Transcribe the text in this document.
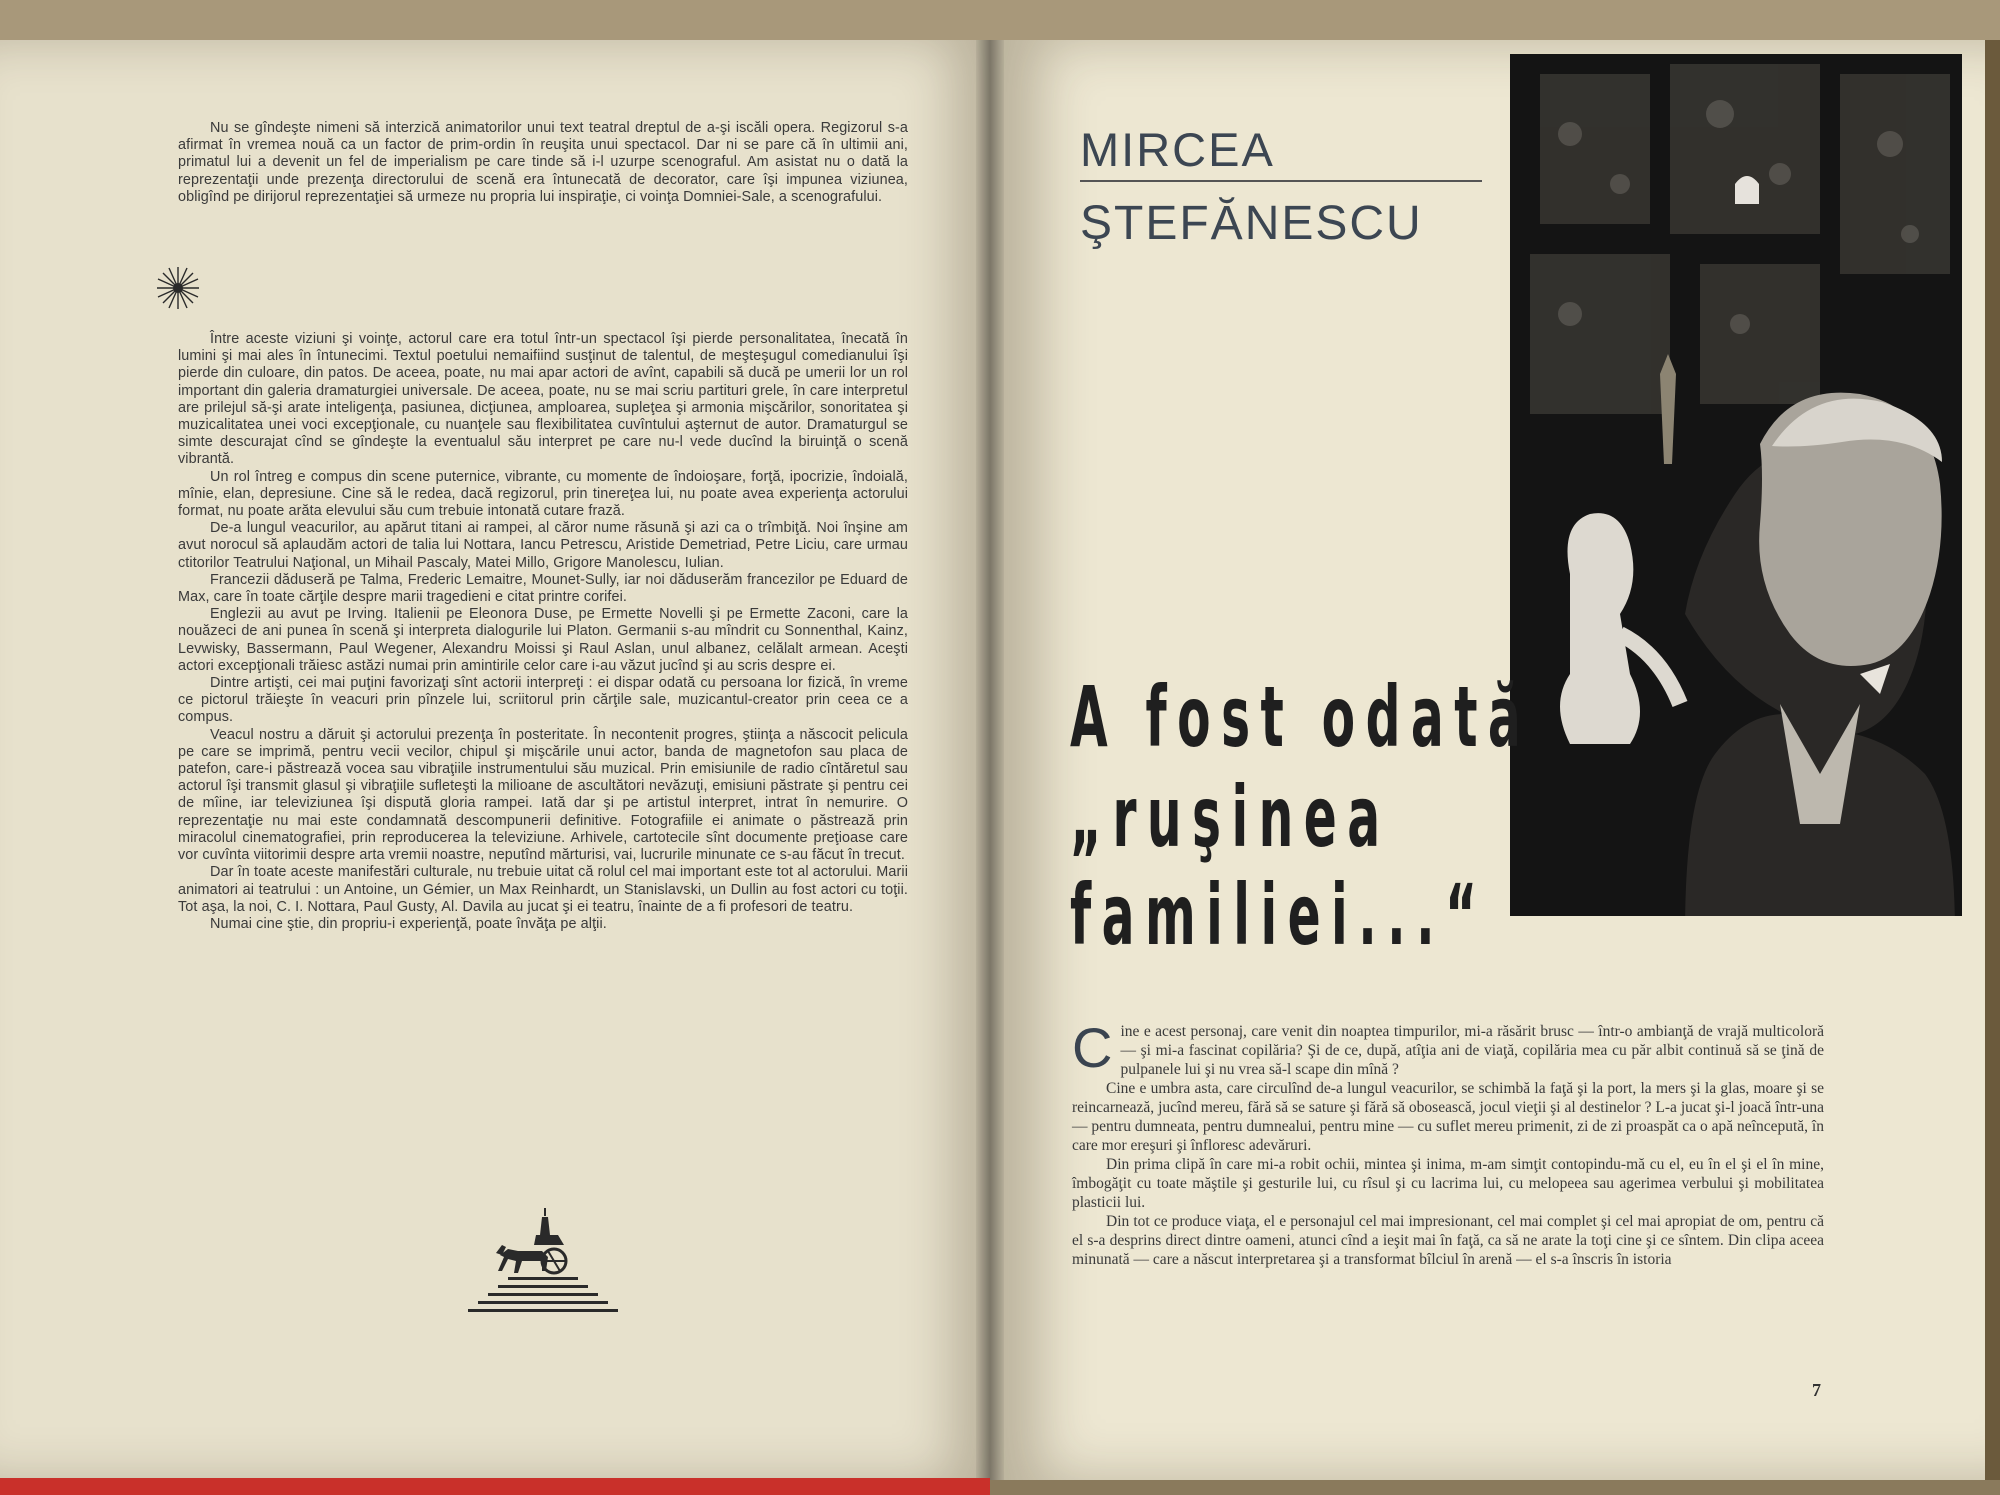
Nu se gîndeşte nimeni să interzică animatorilor unui text teatral dreptul de a-şi iscăli opera. Regizorul s-a afirmat în vremea nouă ca un factor de prim-ordin în reuşita unui spectacol. Dar ni se pare că în ultimii ani, primatul lui a devenit un fel de imperialism pe care tinde să i-l uzurpe scenograful. Am asistat nu o dată la reprezentaţii unde prezenţa directorului de scenă era întunecată de decorator, care îşi impunea viziunea, obligînd pe dirijorul reprezentaţiei să urmeze nu propria lui inspiraţie, ci voinţa Domniei-Sale, a scenografului.

Între aceste viziuni şi voinţe, actorul care era totul într-un spectacol îşi pierde personalitatea, înecată în lumini şi mai ales în întunecimi. Textul poetului nemaifiind susţinut de talentul, de meşteşugul comedianului îşi pierde din culoare, din patos. De aceea, poate, nu mai apar actori de avînt, capabili să ducă pe umerii lor un rol important din galeria dramaturgiei universale. De aceea, poate, nu se mai scriu partituri grele, în care interpretul are prilejul să-şi arate inteligenţa, pasiunea, dicţiunea, amploarea, supleţea şi armonia mişcărilor, sonoritatea şi muzicalitatea unei voci excepţionale, cu nuanţele sau flexibilitatea cuvîntului aşternut de autor. Dramaturgul se simte descurajat cînd se gîndeşte la eventualul său interpret pe care nu-l vede ducînd la biruinţă o scenă vibrantă.

Un rol întreg e compus din scene puternice, vibrante, cu momente de îndoioşare, forţă, ipocrizie, îndoială, mînie, elan, depresiune. Cine să le redea, dacă regizorul, prin tinereţea lui, nu poate avea experienţa actorului format, nu poate arăta elevului său cum trebuie intonată cutare frază.

De-a lungul veacurilor, au apărut titani ai rampei, al căror nume răsună şi azi ca o trîmbiţă. Noi înşine am avut norocul să aplaudăm actori de talia lui Nottara, Iancu Petrescu, Aristide Demetriad, Petre Liciu, care urmau ctitorilor Teatrului Naţional, un Mihail Pascaly, Matei Millo, Grigore Manolescu, Iulian.

Francezii dăduseră pe Talma, Frederic Lemaitre, Mounet-Sully, iar noi dăduserăm francezilor pe Eduard de Max, care în toate cărţile despre marii tragedieni e citat printre corifei.

Englezii au avut pe Irving. Italienii pe Eleonora Duse, pe Ermette Novelli şi pe Ermette Zaconi, care la nouăzeci de ani punea în scenă şi interpreta dialogurile lui Platon. Germanii s-au mîndrit cu Sonnenthal, Kainz, Levwisky, Bassermann, Paul Wegener, Alexandru Moissi şi Raul Aslan, unul albanez, celălalt armean. Aceşti actori excepţionali trăiesc astăzi numai prin amintirile celor care i-au văzut jucînd şi au scris despre ei.

Dintre artişti, cei mai puţini favorizaţi sînt actorii interpreţi : ei dispar odată cu persoana lor fizică, în vreme ce pictorul trăieşte în veacuri prin pînzele lui, scriitorul prin cărţile sale, muzicantul-creator prin ceea ce a compus.

Veacul nostru a dăruit şi actorului prezenţa în posteritate. În necontenit progres, ştiinţa a născocit pelicula pe care se imprimă, pentru vecii vecilor, chipul şi mişcările unui actor, banda de magnetofon sau placa de patefon, care-i păstrează vocea sau vibraţiile instrumentului său muzical. Prin emisiunile de radio cîntăretul sau actorul îşi transmit glasul şi vibraţiile sufleteşti la milioane de ascultători nevăzuţi, emisiuni păstrate şi pentru cei de mîine, iar televiziunea îşi dispută gloria rampei. Iată dar şi pe artistul interpret, intrat în nemurire. O reprezentaţie nu mai este condamnată descompunerii definitive. Fotografiile ei animate o păstrează prin miracolul cinematografiei, prin reproducerea la televiziune. Arhivele, cartotecile sînt documente preţioase care vor cuvînta viitorimii despre arta vremii noastre, neputînd mărturisi, vai, lucrurile minunate ce s-au făcut în trecut.

Dar în toate aceste manifestări culturale, nu trebuie uitat că rolul cel mai important este tot al actorului. Marii animatori ai teatrului : un Antoine, un Gémier, un Max Reinhardt, un Stanislavski, un Dullin au fost actori cu toţii. Tot aşa, la noi, C. I. Nottara, Paul Gusty, Al. Davila au jucat şi ei teatru, înainte de a fi profesori de teatru.

Numai cine ştie, din propriu-i experienţă, poate învăţa pe alţii.

MIRCEA
ŞTEFĂNESCU

A fost odată
„ruşinea
familiei...“

Cine e acest personaj, care venit din noaptea timpurilor, mi-a răsărit brusc — într-o ambianţă de vrajă multicoloră — şi mi-a fascinat copilăria? Şi de ce, după, atîţia ani de viaţă, copilăria mea cu păr albit continuă să se ţină de pulpanele lui şi nu vrea să-l scape din mînă ?

Cine e umbra asta, care circulînd de-a lungul veacurilor, se schimbă la faţă şi la port, la mers şi la glas, moare şi se reincarnează, jucînd mereu, fără să se sature şi fără să obosească, jocul vieţii şi al destinelor ? L-a jucat şi-l joacă într-una — pentru dumneata, pentru dumnealui, pentru mine — cu suflet mereu primenit, zi de zi proaspăt ca o apă neîncepută, în care mor ereşuri şi înfloresc adevăruri.

Din prima clipă în care mi-a robit ochii, mintea şi inima, m-am simţit contopindu-mă cu el, eu în el şi el în mine, îmbogăţit cu toate măştile şi gesturile lui, cu rîsul şi cu lacrima lui, cu melopeea sau agerimea verbului şi mobilitatea plasticii lui.

Din tot ce produce viaţa, el e personajul cel mai impresionant, cel mai complet şi cel mai apropiat de om, pentru că el s-a desprins direct dintre oameni, atunci cînd a ieşit mai în faţă, ca să ne arate la toţi cine şi ce sîntem. Din clipa aceea minunată — care a născut interpretarea şi a transformat bîlciul în arenă — el s-a înscris în istoria

7
